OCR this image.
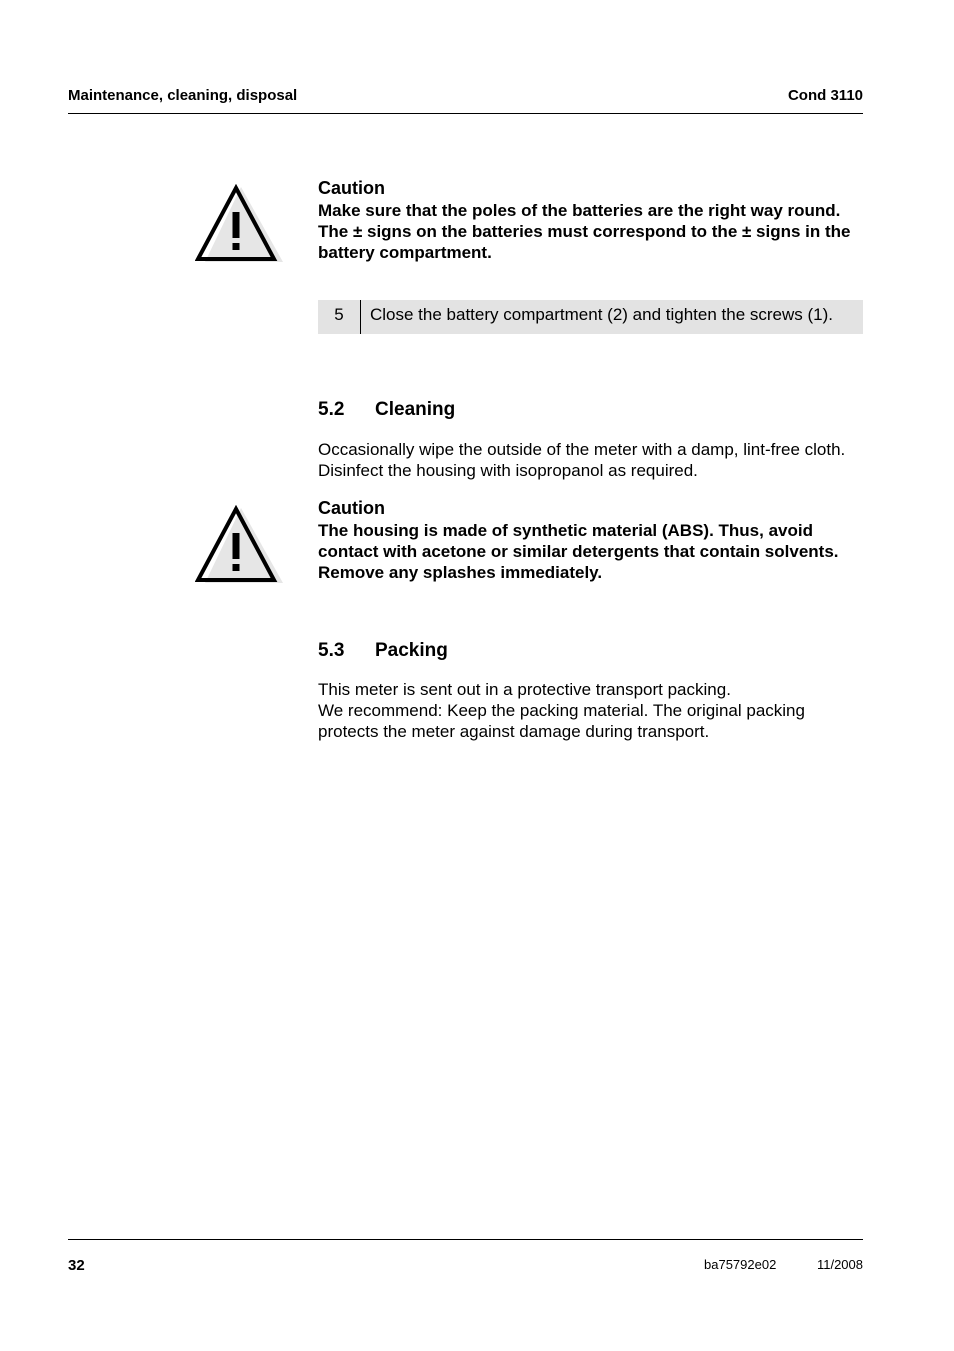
Maintenance, cleaning, disposal	Cond 3110
Caution
Make sure that the poles of the batteries are the right way round.
The ± signs on the batteries must correspond to the ± signs in the
battery compartment.
5	Close the battery compartment (2) and tighten the screws (1).
5.2 Cleaning

Occasionally wipe the outside of the meter with a damp, lint-free cloth.

Disinfect the housing with isopropanol as required.

Caution
The housing is made of synthetic material (ABS). Thus, avoid
contact with acetone or similar detergents that contain solvents.
Remove any splashes immediately.
5.3 Packing

This meter is sent out in a protective transport packing.

We recommend: Keep the packing material. The original packing

protects the meter against damage during transport.

32	ba75792e02	11/2008
